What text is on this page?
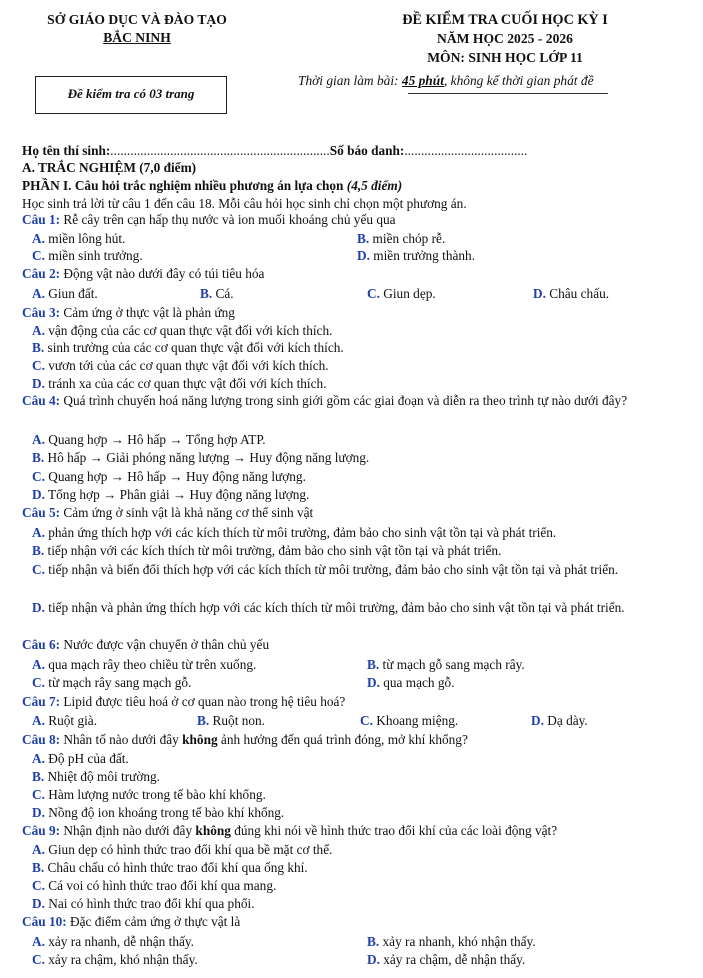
SỞ GIÁO DỤC VÀ ĐÀO TẠO
BẮC NINH
ĐỀ KIỂM TRA CUỐI HỌC KỲ I
NĂM HỌC 2025 - 2026
MÔN: SINH HỌC LỚP 11
Đề kiểm tra có 03 trang
Thời gian làm bài: 45 phút, không kể thời gian phát đề
Họ tên thí sinh:..................................................................Số báo danh:.....................................
A. TRẮC NGHIỆM (7,0 điểm)
PHẦN I. Câu hỏi trắc nghiệm nhiều phương án lựa chọn (4,5 điểm)
Học sinh trả lời từ câu 1 đến câu 18. Mỗi câu hỏi học sinh chỉ chọn một phương án.
Câu 1: Rễ cây trên cạn hấp thụ nước và ion muối khoáng chủ yếu qua
A. miền lông hút.	B. miền chóp rễ.
C. miền sinh trưởng.	D. miền trưởng thành.
Câu 2: Động vật nào dưới đây có túi tiêu hóa
A. Giun đất.	B. Cá.	C. Giun dẹp.	D. Châu chấu.
Câu 3: Cảm ứng ở thực vật là phản ứng
A. vận động của các cơ quan thực vật đối với kích thích.
B. sinh trưởng của các cơ quan thực vật đối với kích thích.
C. vươn tới của các cơ quan thực vật đối với kích thích.
D. tránh xa của các cơ quan thực vật đối với kích thích.
Câu 4: Quá trình chuyển hoá năng lượng trong sinh giới gồm các giai đoạn và diễn ra theo trình tự nào dưới đây?
A. Quang hợp → Hô hấp → Tổng hợp ATP.
B. Hô hấp → Giải phóng năng lượng → Huy động năng lượng.
C. Quang hợp → Hô hấp → Huy động năng lượng.
D. Tổng hợp → Phân giải → Huy động năng lượng.
Câu 5: Cảm ứng ở sinh vật là khả năng cơ thể sinh vật
A. phản ứng thích hợp với các kích thích từ môi trường, đảm bảo cho sinh vật tồn tại và phát triển.
B. tiếp nhận với các kích thích từ môi trường, đảm bảo cho sinh vật tồn tại và phát triển.
C. tiếp nhận và biến đổi thích hợp với các kích thích từ môi trường, đảm bảo cho sinh vật tồn tại và phát triển.
D. tiếp nhận và phản ứng thích hợp với các kích thích từ môi trường, đảm bảo cho sinh vật tồn tại và phát triển.
Câu 6: Nước được vận chuyển ở thân chủ yếu
A. qua mạch rây theo chiều từ trên xuống.	B. từ mạch gỗ sang mạch rây.
C. từ mạch rây sang mạch gỗ.	D. qua mạch gỗ.
Câu 7: Lipid được tiêu hoá ở cơ quan nào trong hệ tiêu hoá?
A. Ruột già.	B. Ruột non.	C. Khoang miệng.	D. Dạ dày.
Câu 8: Nhân tố nào dưới đây không ảnh hưởng đến quá trình đóng, mở khí khổng?
A. Độ pH của đất.
B. Nhiệt độ môi trường.
C. Hàm lượng nước trong tế bào khí khổng.
D. Nồng độ ion khoáng trong tế bào khí khổng.
Câu 9: Nhận định nào dưới đây không đúng khi nói về hình thức trao đổi khí của các loài động vật?
A. Giun dẹp có hình thức trao đổi khí qua bề mặt cơ thể.
B. Châu chấu có hình thức trao đổi khí qua ống khí.
C. Cá voi có hình thức trao đổi khí qua mang.
D. Nai có hình thức trao đổi khí qua phổi.
Câu 10: Đặc điểm cảm ứng ở thực vật là
A. xảy ra nhanh, dễ nhận thấy.	B. xảy ra nhanh, khó nhận thấy.
C. xảy ra chậm, khó nhận thấy.	D. xảy ra chậm, dễ nhận thấy.
